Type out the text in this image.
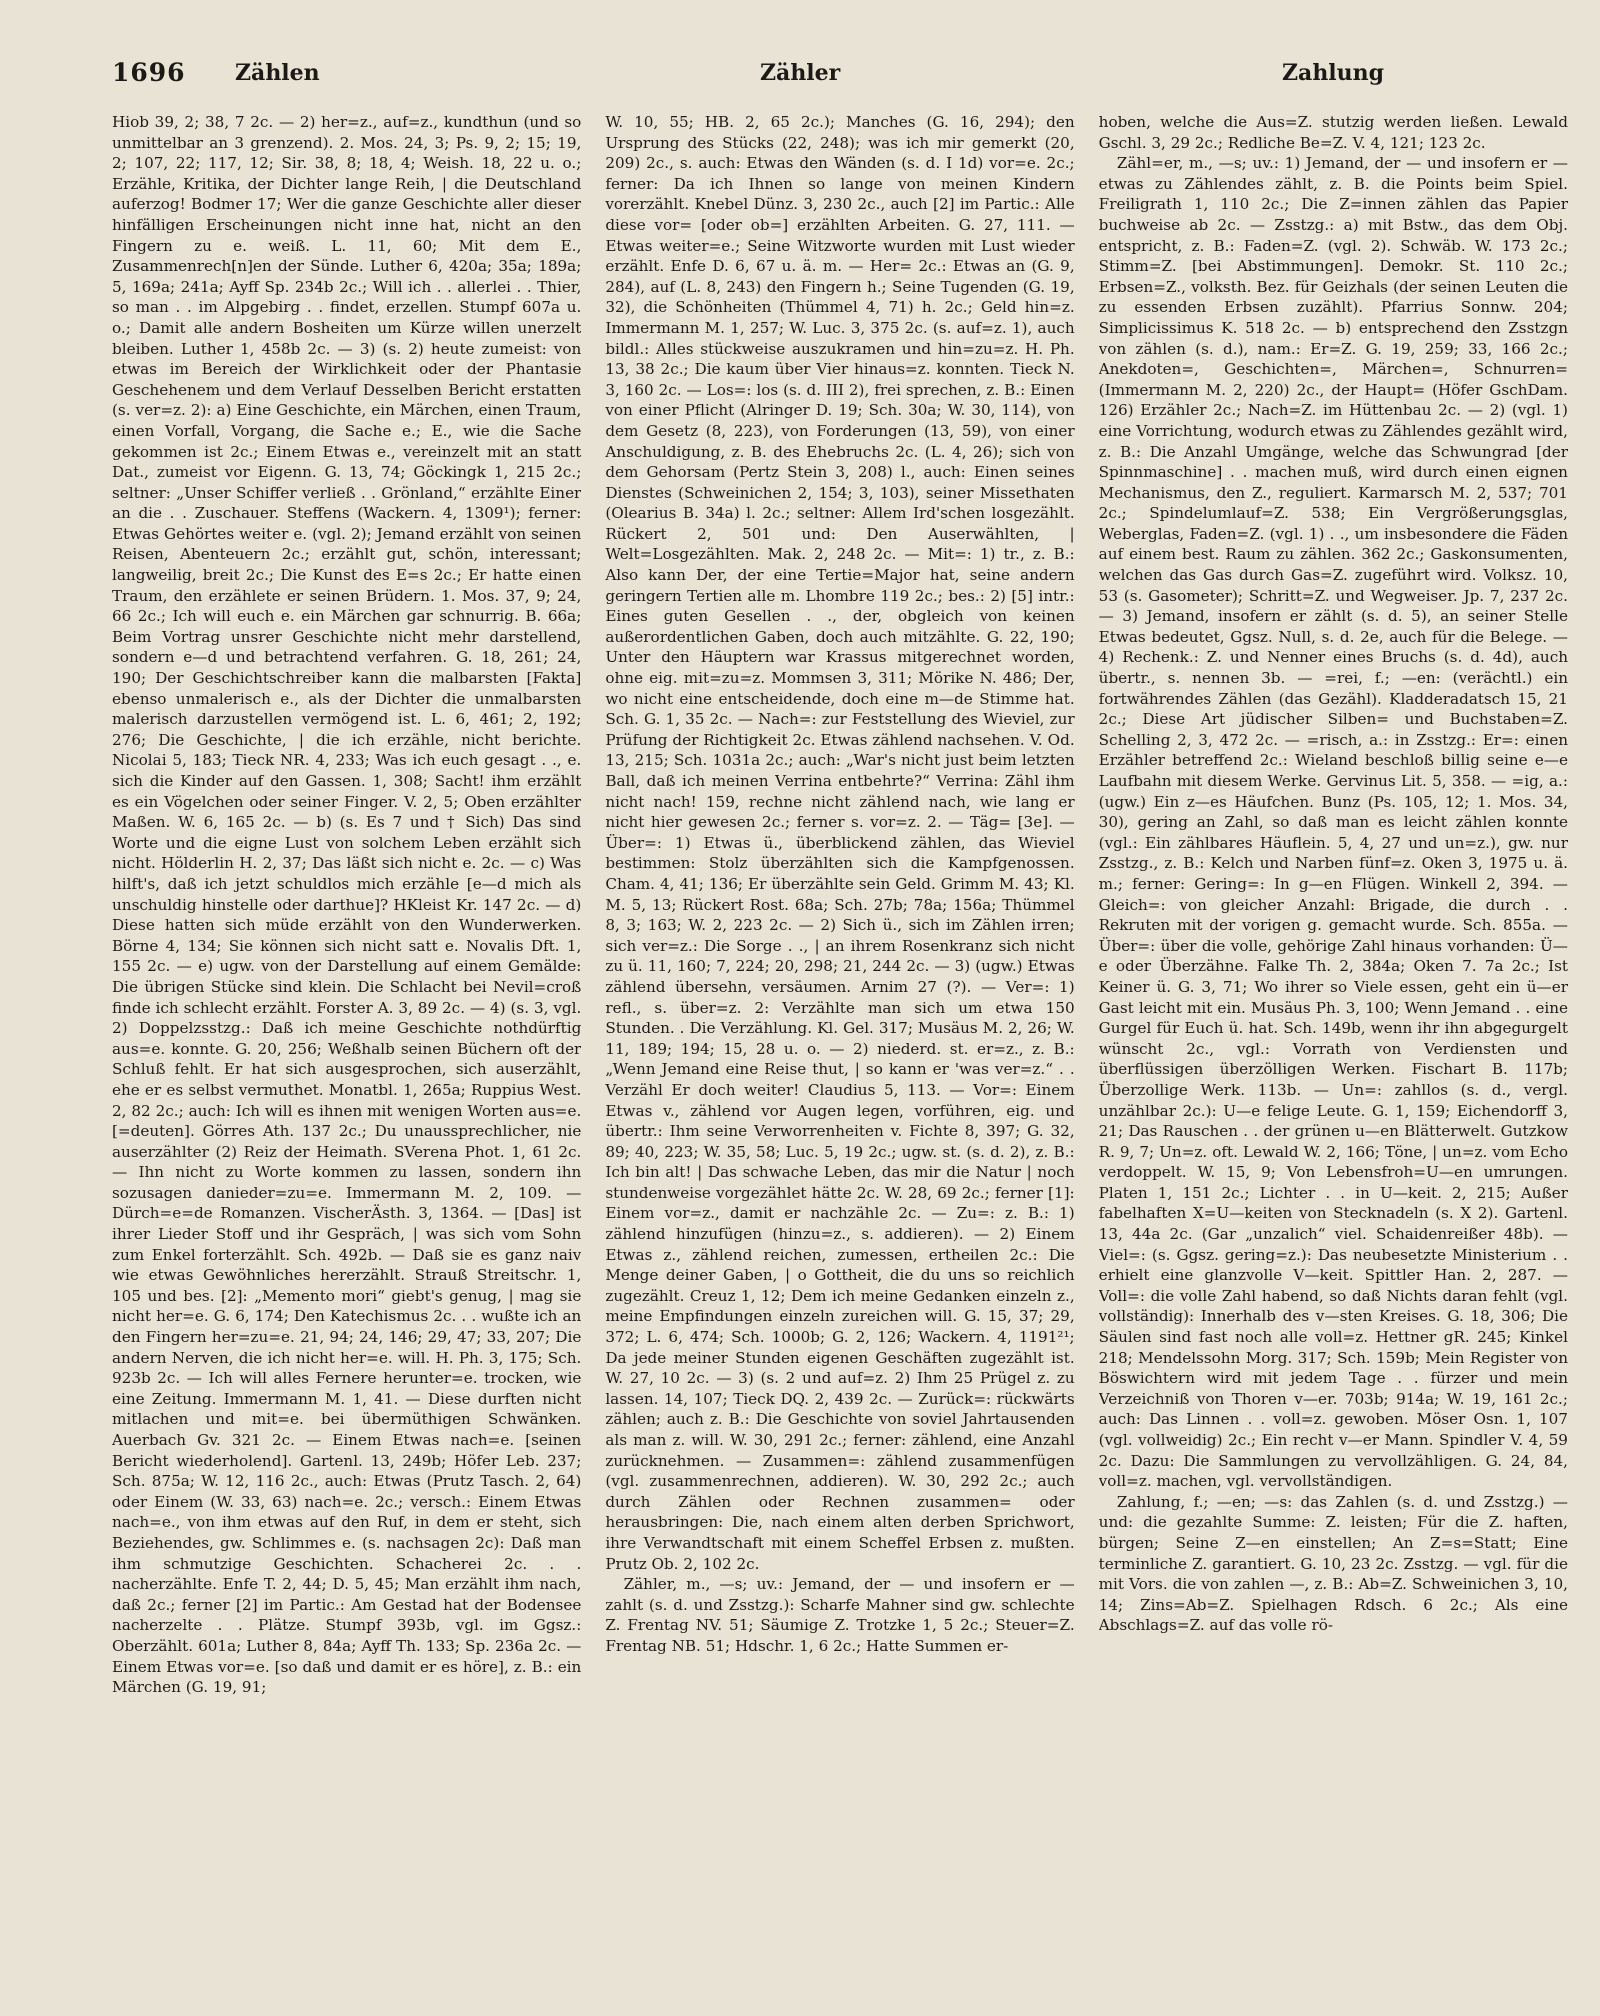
1696 Zählen	Zähler	Zahlung

Hiob 39, 2; 38, 7 2c. — 2) her=z., auf=z., kundthun (und so unmittelbar an 3 grenzend). 2. Mos. 24, 3; Ps. 9, 2; 15; 19, 2; 107, 22; 117, 12; Sir. 38, 8; 18, 4; Weish. 18, 22 u. o.; Erzähle, Kritika, der Dichter lange Reih, | die Deutschland auferzog! Bodmer 17; Wer die ganze Geschichte aller dieser hinfälligen Erscheinungen nicht inne hat, nicht an den Fingern zu e. weiß. L. 11, 60; Mit dem E., Zusammenrech[n]en der Sünde. Luther 6, 420a; 35a; 189a; 5, 169a; 241a; Ayff Sp. 234b 2c.; Will ich . . allerlei . . Thier, so man . . im Alpgebirg . . findet, erzellen. Stumpf 607a u. o.; Damit alle andern Bosheiten um Kürze willen unerzelt bleiben. Luther 1, 458b 2c. — 3) (s. 2) heute zumeist: von etwas im Bereich der Wirklichkeit oder der Phantasie Geschehenem und dem Verlauf Desselben Bericht erstatten (s. ver=z. 2): a) Eine Geschichte, ein Märchen, einen Traum, einen Vorfall, Vorgang, die Sache e.; E., wie die Sache gekommen ist 2c.; Einem Etwas e., vereinzelt mit an statt Dat., zumeist vor Eigenn. G. 13, 74; Göckingk 1, 215 2c.; seltner: „Unser Schiffer verließ . . Grönland,“ erzählte Einer an die . . Zuschauer. Steffens (Wackern. 4, 1309¹); ferner: Etwas Gehörtes weiter e. (vgl. 2); Jemand erzählt von seinen Reisen, Abenteuern 2c.; erzählt gut, schön, interessant; langweilig, breit 2c.; Die Kunst des E=s 2c.; Er hatte einen Traum, den erzählete er seinen Brüdern. 1. Mos. 37, 9; 24, 66 2c.; Ich will euch e. ein Märchen gar schnurrig. B. 66a; Beim Vortrag unsrer Geschichte nicht mehr darstellend, sondern e—d und betrachtend verfahren. G. 18, 261; 24, 190; Der Geschichtschreiber kann die malbarsten [Fakta] ebenso unmalerisch e., als der Dichter die unmalbarsten malerisch darzustellen vermögend ist. L. 6, 461; 2, 192; 276; Die Geschichte, | die ich erzähle, nicht berichte. Nicolai 5, 183; Tieck NR. 4, 233; Was ich euch gesagt . ., e. sich die Kinder auf den Gassen. 1, 308; Sacht! ihm erzählt es ein Vögelchen oder seiner Finger. V. 2, 5; Oben erzählter Maßen. W. 6, 165 2c. — b) (s. Es 7 und † Sich) Das sind Worte und die eigne Lust von solchem Leben erzählt sich nicht. Hölderlin H. 2, 37; Das läßt sich nicht e. 2c. — c) Was hilft's, daß ich jetzt schuldlos mich erzähle [e—d mich als unschuldig hinstelle oder darthue]? HKleist Kr. 147 2c. — d) Diese hatten sich müde erzählt von den Wunderwerken. Börne 4, 134; Sie können sich nicht satt e. Novalis Dft. 1, 155 2c. — e) ugw. von der Darstellung auf einem Gemälde: Die übrigen Stücke sind klein. Die Schlacht bei Nevil=croß finde ich schlecht erzählt. Forster A. 3, 89 2c. — 4) (s. 3, vgl. 2) Doppelzsstzg.: Daß ich meine Geschichte nothdürftig aus=e. konnte. G. 20, 256; Weßhalb seinen Büchern oft der Schluß fehlt. Er hat sich ausgesprochen, sich auserzählt, ehe er es selbst vermuthet. Monatbl. 1, 265a; Ruppius West. 2, 82 2c.; auch: Ich will es ihnen mit wenigen Worten aus=e. [=deuten]. Görres Ath. 137 2c.; Du unaussprechlicher, nie auserzählter (2) Reiz der Heimath. SVerena Phot. 1, 61 2c. — Ihn nicht zu Worte kommen zu lassen, sondern ihn sozusagen danieder=zu=e. Immermann M. 2, 109. — Dürch=e=de Romanzen. VischerÄsth. 3, 1364. — [Das] ist ihrer Lieder Stoff und ihr Gespräch, | was sich vom Sohn zum Enkel forterzählt. Sch. 492b. — Daß sie es ganz naiv wie etwas Gewöhnliches hererzählt. Strauß Streitschr. 1, 105 und bes. [2]: „Memento mori“ giebt's genug, | mag sie nicht her=e. G. 6, 174; Den Katechismus 2c. . . wußte ich an den Fingern her=zu=e. 21, 94; 24, 146; 29, 47; 33, 207; Die andern Nerven, die ich nicht her=e. will. H. Ph. 3, 175; Sch. 923b 2c. — Ich will alles Fernere herunter=e. trocken, wie eine Zeitung. Immermann M. 1, 41. — Diese durften nicht mitlachen und mit=e. bei übermüthigen Schwänken. Auerbach Gv. 321 2c. — Einem Etwas nach=e. [seinen Bericht wiederholend]. Gartenl. 13, 249b; Höfer Leb. 237; Sch. 875a; W. 12, 116 2c., auch: Etwas (Prutz Tasch. 2, 64) oder Einem (W. 33, 63) nach=e. 2c.; versch.: Einem Etwas nach=e., von ihm etwas auf den Ruf, in dem er steht, sich Beziehendes, gw. Schlimmes e. (s. nachsagen 2c): Daß man ihm schmutzige Geschichten. Schacherei 2c. . . nacherzählte. Enfe T. 2, 44; D. 5, 45; Man erzählt ihm nach, daß 2c.; ferner [2] im Partic.: Am Gestad hat der Bodensee nacherzelte . . Plätze. Stumpf 393b, vgl. im Ggsz.: Oberzählt. 601a; Luther 8, 84a; Ayff Th. 133; Sp. 236a 2c. — Einem Etwas vor=e. [so daß und damit er es höre], z. B.: ein Märchen (G. 19, 91;

W. 10, 55; HB. 2, 65 2c.); Manches (G. 16, 294); den Ursprung des Stücks (22, 248); was ich mir gemerkt (20, 209) 2c., s. auch: Etwas den Wänden (s. d. I 1d) vor=e. 2c.; ferner: Da ich Ihnen so lange von meinen Kindern vorerzählt. Knebel Dünz. 3, 230 2c., auch [2] im Partic.: Alle diese vor= [oder ob=] erzählten Arbeiten. G. 27, 111. — Etwas weiter=e.; Seine Witzworte wurden mit Lust wieder erzählt. Enfe D. 6, 67 u. ä. m. — Her= 2c.: Etwas an (G. 9, 284), auf (L. 8, 243) den Fingern h.; Seine Tugenden (G. 19, 32), die Schönheiten (Thümmel 4, 71) h. 2c.; Geld hin=z. Immermann M. 1, 257; W. Luc. 3, 375 2c. (s. auf=z. 1), auch bildl.: Alles stückweise auszukramen und hin=zu=z. H. Ph. 13, 38 2c.; Die kaum über Vier hinaus=z. konnten. Tieck N. 3, 160 2c. — Los=: los (s. d. III 2), frei sprechen, z. B.: Einen von einer Pflicht (Alringer D. 19; Sch. 30a; W. 30, 114), von dem Gesetz (8, 223), von Forderungen (13, 59), von einer Anschuldigung, z. B. des Ehebruchs 2c. (L. 4, 26); sich von dem Gehorsam (Pertz Stein 3, 208) l., auch: Einen seines Dienstes (Schweinichen 2, 154; 3, 103), seiner Missethaten (Olearius B. 34a) l. 2c.; seltner: Allem Ird'schen losgezählt. Rückert 2, 501 und: Den Auserwählten, | Welt=Losgezählten. Mak. 2, 248 2c. — Mit=: 1) tr., z. B.: Also kann Der, der eine Tertie=Major hat, seine andern geringern Tertien alle m. Lhombre 119 2c.; bes.: 2) [5] intr.: Eines guten Gesellen . ., der, obgleich von keinen außerordentlichen Gaben, doch auch mitzählte. G. 22, 190; Unter den Häuptern war Krassus mitgerechnet worden, ohne eig. mit=zu=z. Mommsen 3, 311; Mörike N. 486; Der, wo nicht eine entscheidende, doch eine m—de Stimme hat. Sch. G. 1, 35 2c. — Nach=: zur Feststellung des Wieviel, zur Prüfung der Richtigkeit 2c. Etwas zählend nachsehen. V. Od. 13, 215; Sch. 1031a 2c.; auch: „War's nicht just beim letzten Ball, daß ich meinen Verrina entbehrte?“ Verrina: Zähl ihm nicht nach! 159, rechne nicht zählend nach, wie lang er nicht hier gewesen 2c.; ferner s. vor=z. 2. — Täg= [3e]. — Über=: 1) Etwas ü., überblickend zählen, das Wieviel bestimmen: Stolz überzählten sich die Kampfgenossen. Cham. 4, 41; 136; Er überzählte sein Geld. Grimm M. 43; Kl. M. 5, 13; Rückert Rost. 68a; Sch. 27b; 78a; 156a; Thümmel 8, 3; 163; W. 2, 223 2c. — 2) Sich ü., sich im Zählen irren; sich ver=z.: Die Sorge . ., | an ihrem Rosenkranz sich nicht zu ü. 11, 160; 7, 224; 20, 298; 21, 244 2c. — 3) (ugw.) Etwas zählend übersehn, versäumen. Arnim 27 (?). — Ver=: 1) refl., s. über=z. 2: Verzählte man sich um etwa 150 Stunden. . Die Verzählung. Kl. Gel. 317; Musäus M. 2, 26; W. 11, 189; 194; 15, 28 u. o. — 2) niederd. st. er=z., z. B.: „Wenn Jemand eine Reise thut, | so kann er 'was ver=z.“ . . Verzähl Er doch weiter! Claudius 5, 113. — Vor=: Einem Etwas v., zählend vor Augen legen, vorführen, eig. und übertr.: Ihm seine Verworrenheiten v. Fichte 8, 397; G. 32, 89; 40, 223; W. 35, 58; Luc. 5, 19 2c.; ugw. st. (s. d. 2), z. B.: Ich bin alt! | Das schwache Leben, das mir die Natur | noch stundenweise vorgezählet hätte 2c. W. 28, 69 2c.; ferner [1]: Einem vor=z., damit er nachzähle 2c. — Zu=: z. B.: 1) zählend hinzufügen (hinzu=z., s. addieren). — 2) Einem Etwas z., zählend reichen, zumessen, ertheilen 2c.: Die Menge deiner Gaben, | o Gottheit, die du uns so reichlich zugezählt. Creuz 1, 12; Dem ich meine Gedanken einzeln z., meine Empfindungen einzeln zureichen will. G. 15, 37; 29, 372; L. 6, 474; Sch. 1000b; G. 2, 126; Wackern. 4, 1191²¹; Da jede meiner Stunden eigenen Geschäften zugezählt ist. W. 27, 10 2c. — 3) (s. 2 und auf=z. 2) Ihm 25 Prügel z. zu lassen. 14, 107; Tieck DQ. 2, 439 2c. — Zurück=: rückwärts zählen; auch z. B.: Die Geschichte von soviel Jahrtausenden als man z. will. W. 30, 291 2c.; ferner: zählend, eine Anzahl zurücknehmen. — Zusammen=: zählend zusammenfügen (vgl. zusammenrechnen, addieren). W. 30, 292 2c.; auch durch Zählen oder Rechnen zusammen= oder herausbringen: Die, nach einem alten derben Sprichwort, ihre Verwandtschaft mit einem Scheffel Erbsen z. mußten. Prutz Ob. 2, 102 2c.

Zähler, m., —s; uv.: Jemand, der — und insofern er — zahlt (s. d. und Zsstzg.): Scharfe Mahner sind gw. schlechte Z. Frentag NV. 51; Säumige Z. Trotzke 1, 5 2c.; Steuer=Z. Frentag NB. 51; Hdschr. 1, 6 2c.; Hatte Summen er-

hoben, welche die Aus=Z. stutzig werden ließen. Lewald Gschl. 3, 29 2c.; Redliche Be=Z. V. 4, 121; 123 2c.

Zähl=er, m., —s; uv.: 1) Jemand, der — und insofern er — etwas zu Zählendes zählt, z. B. die Points beim Spiel. Freiligrath 1, 110 2c.; Die Z=innen zählen das Papier buchweise ab 2c. — Zsstzg.: a) mit Bstw., das dem Obj. entspricht, z. B.: Faden=Z. (vgl. 2). Schwäb. W. 173 2c.; Stimm=Z. [bei Abstimmungen]. Demokr. St. 110 2c.; Erbsen=Z., volksth. Bez. für Geizhals (der seinen Leuten die zu essenden Erbsen zuzählt). Pfarrius Sonnw. 204; Simplicissimus K. 518 2c. — b) entsprechend den Zsstzgn von zählen (s. d.), nam.: Er=Z. G. 19, 259; 33, 166 2c.; Anekdoten=, Geschichten=, Märchen=, Schnurren= (Immermann M. 2, 220) 2c., der Haupt= (Höfer GschDam. 126) Erzähler 2c.; Nach=Z. im Hüttenbau 2c. — 2) (vgl. 1) eine Vorrichtung, wodurch etwas zu Zählendes gezählt wird, z. B.: Die Anzahl Umgänge, welche das Schwungrad [der Spinnmaschine] . . machen muß, wird durch einen eignen Mechanismus, den Z., reguliert. Karmarsch M. 2, 537; 701 2c.; Spindelumlauf=Z. 538; Ein Vergrößerungsglas, Weberglas, Faden=Z. (vgl. 1) . ., um insbesondere die Fäden auf einem best. Raum zu zählen. 362 2c.; Gaskonsumenten, welchen das Gas durch Gas=Z. zugeführt wird. Volksz. 10, 53 (s. Gasometer); Schritt=Z. und Wegweiser. Jp. 7, 237 2c. — 3) Jemand, insofern er zählt (s. d. 5), an seiner Stelle Etwas bedeutet, Ggsz. Null, s. d. 2e, auch für die Belege. — 4) Rechenk.: Z. und Nenner eines Bruchs (s. d. 4d), auch übertr., s. nennen 3b. — =rei, f.; —en: (verächtl.) ein fortwährendes Zählen (das Gezähl). Kladderadatsch 15, 21 2c.; Diese Art jüdischer Silben= und Buchstaben=Z. Schelling 2, 3, 472 2c. — =risch, a.: in Zsstzg.: Er=: einen Erzähler betreffend 2c.: Wieland beschloß billig seine e—e Laufbahn mit diesem Werke. Gervinus Lit. 5, 358. — =ig, a.: (ugw.) Ein z—es Häufchen. Bunz (Ps. 105, 12; 1. Mos. 34, 30), gering an Zahl, so daß man es leicht zählen konnte (vgl.: Ein zählbares Häuflein. 5, 4, 27 und un=z.), gw. nur Zsstzg., z. B.: Kelch und Narben fünf=z. Oken 3, 1975 u. ä. m.; ferner: Gering=: In g—en Flügen. Winkell 2, 394. — Gleich=: von gleicher Anzahl: Brigade, die durch . . Rekruten mit der vorigen g. gemacht wurde. Sch. 855a. — Über=: über die volle, gehörige Zahl hinaus vorhanden: Ü—e oder Überzähne. Falke Th. 2, 384a; Oken 7. 7a 2c.; Ist Keiner ü. G. 3, 71; Wo ihrer so Viele essen, geht ein ü—er Gast leicht mit ein. Musäus Ph. 3, 100; Wenn Jemand . . eine Gurgel für Euch ü. hat. Sch. 149b, wenn ihr ihn abgegurgelt wünscht 2c., vgl.: Vorrath von Verdiensten und überflüssigen überzölligen Werken. Fischart B. 117b; Überzollige Werk. 113b. — Un=: zahllos (s. d., vergl. unzählbar 2c.): U—e felige Leute. G. 1, 159; Eichendorff 3, 21; Das Rauschen . . der grünen u—en Blätterwelt. Gutzkow R. 9, 7; Un=z. oft. Lewald W. 2, 166; Töne, | un=z. vom Echo verdoppelt. W. 15, 9; Von Lebensfroh=U—en umrungen. Platen 1, 151 2c.; Lichter . . in U—keit. 2, 215; Außer fabelhaften X=U—keiten von Stecknadeln (s. X 2). Gartenl. 13, 44a 2c. (Gar „unzalich“ viel. Schaidenreißer 48b). — Viel=: (s. Ggsz. gering=z.): Das neubesetzte Ministerium . . erhielt eine glanzvolle V—keit. Spittler Han. 2, 287. — Voll=: die volle Zahl habend, so daß Nichts daran fehlt (vgl. vollständig): Innerhalb des v—sten Kreises. G. 18, 306; Die Säulen sind fast noch alle voll=z. Hettner gR. 245; Kinkel 218; Mendelssohn Morg. 317; Sch. 159b; Mein Register von Böswichtern wird mit jedem Tage . . fürzer und mein Verzeichniß von Thoren v—er. 703b; 914a; W. 19, 161 2c.; auch: Das Linnen . . voll=z. gewoben. Möser Osn. 1, 107 (vgl. vollweidig) 2c.; Ein recht v—er Mann. Spindler V. 4, 59 2c. Dazu: Die Sammlungen zu vervollzähligen. G. 24, 84, voll=z. machen, vgl. vervollständigen.

Zahlung, f.; —en; —s: das Zahlen (s. d. und Zsstzg.) — und: die gezahlte Summe: Z. leisten; Für die Z. haften, bürgen; Seine Z—en einstellen; An Z=s=Statt; Eine terminliche Z. garantiert. G. 10, 23 2c. Zsstzg. — vgl. für die mit Vors. die von zahlen —, z. B.: Ab=Z. Schweinichen 3, 10, 14; Zins=Ab=Z. Spielhagen Rdsch. 6 2c.; Als eine Abschlags=Z. auf das volle rö-
